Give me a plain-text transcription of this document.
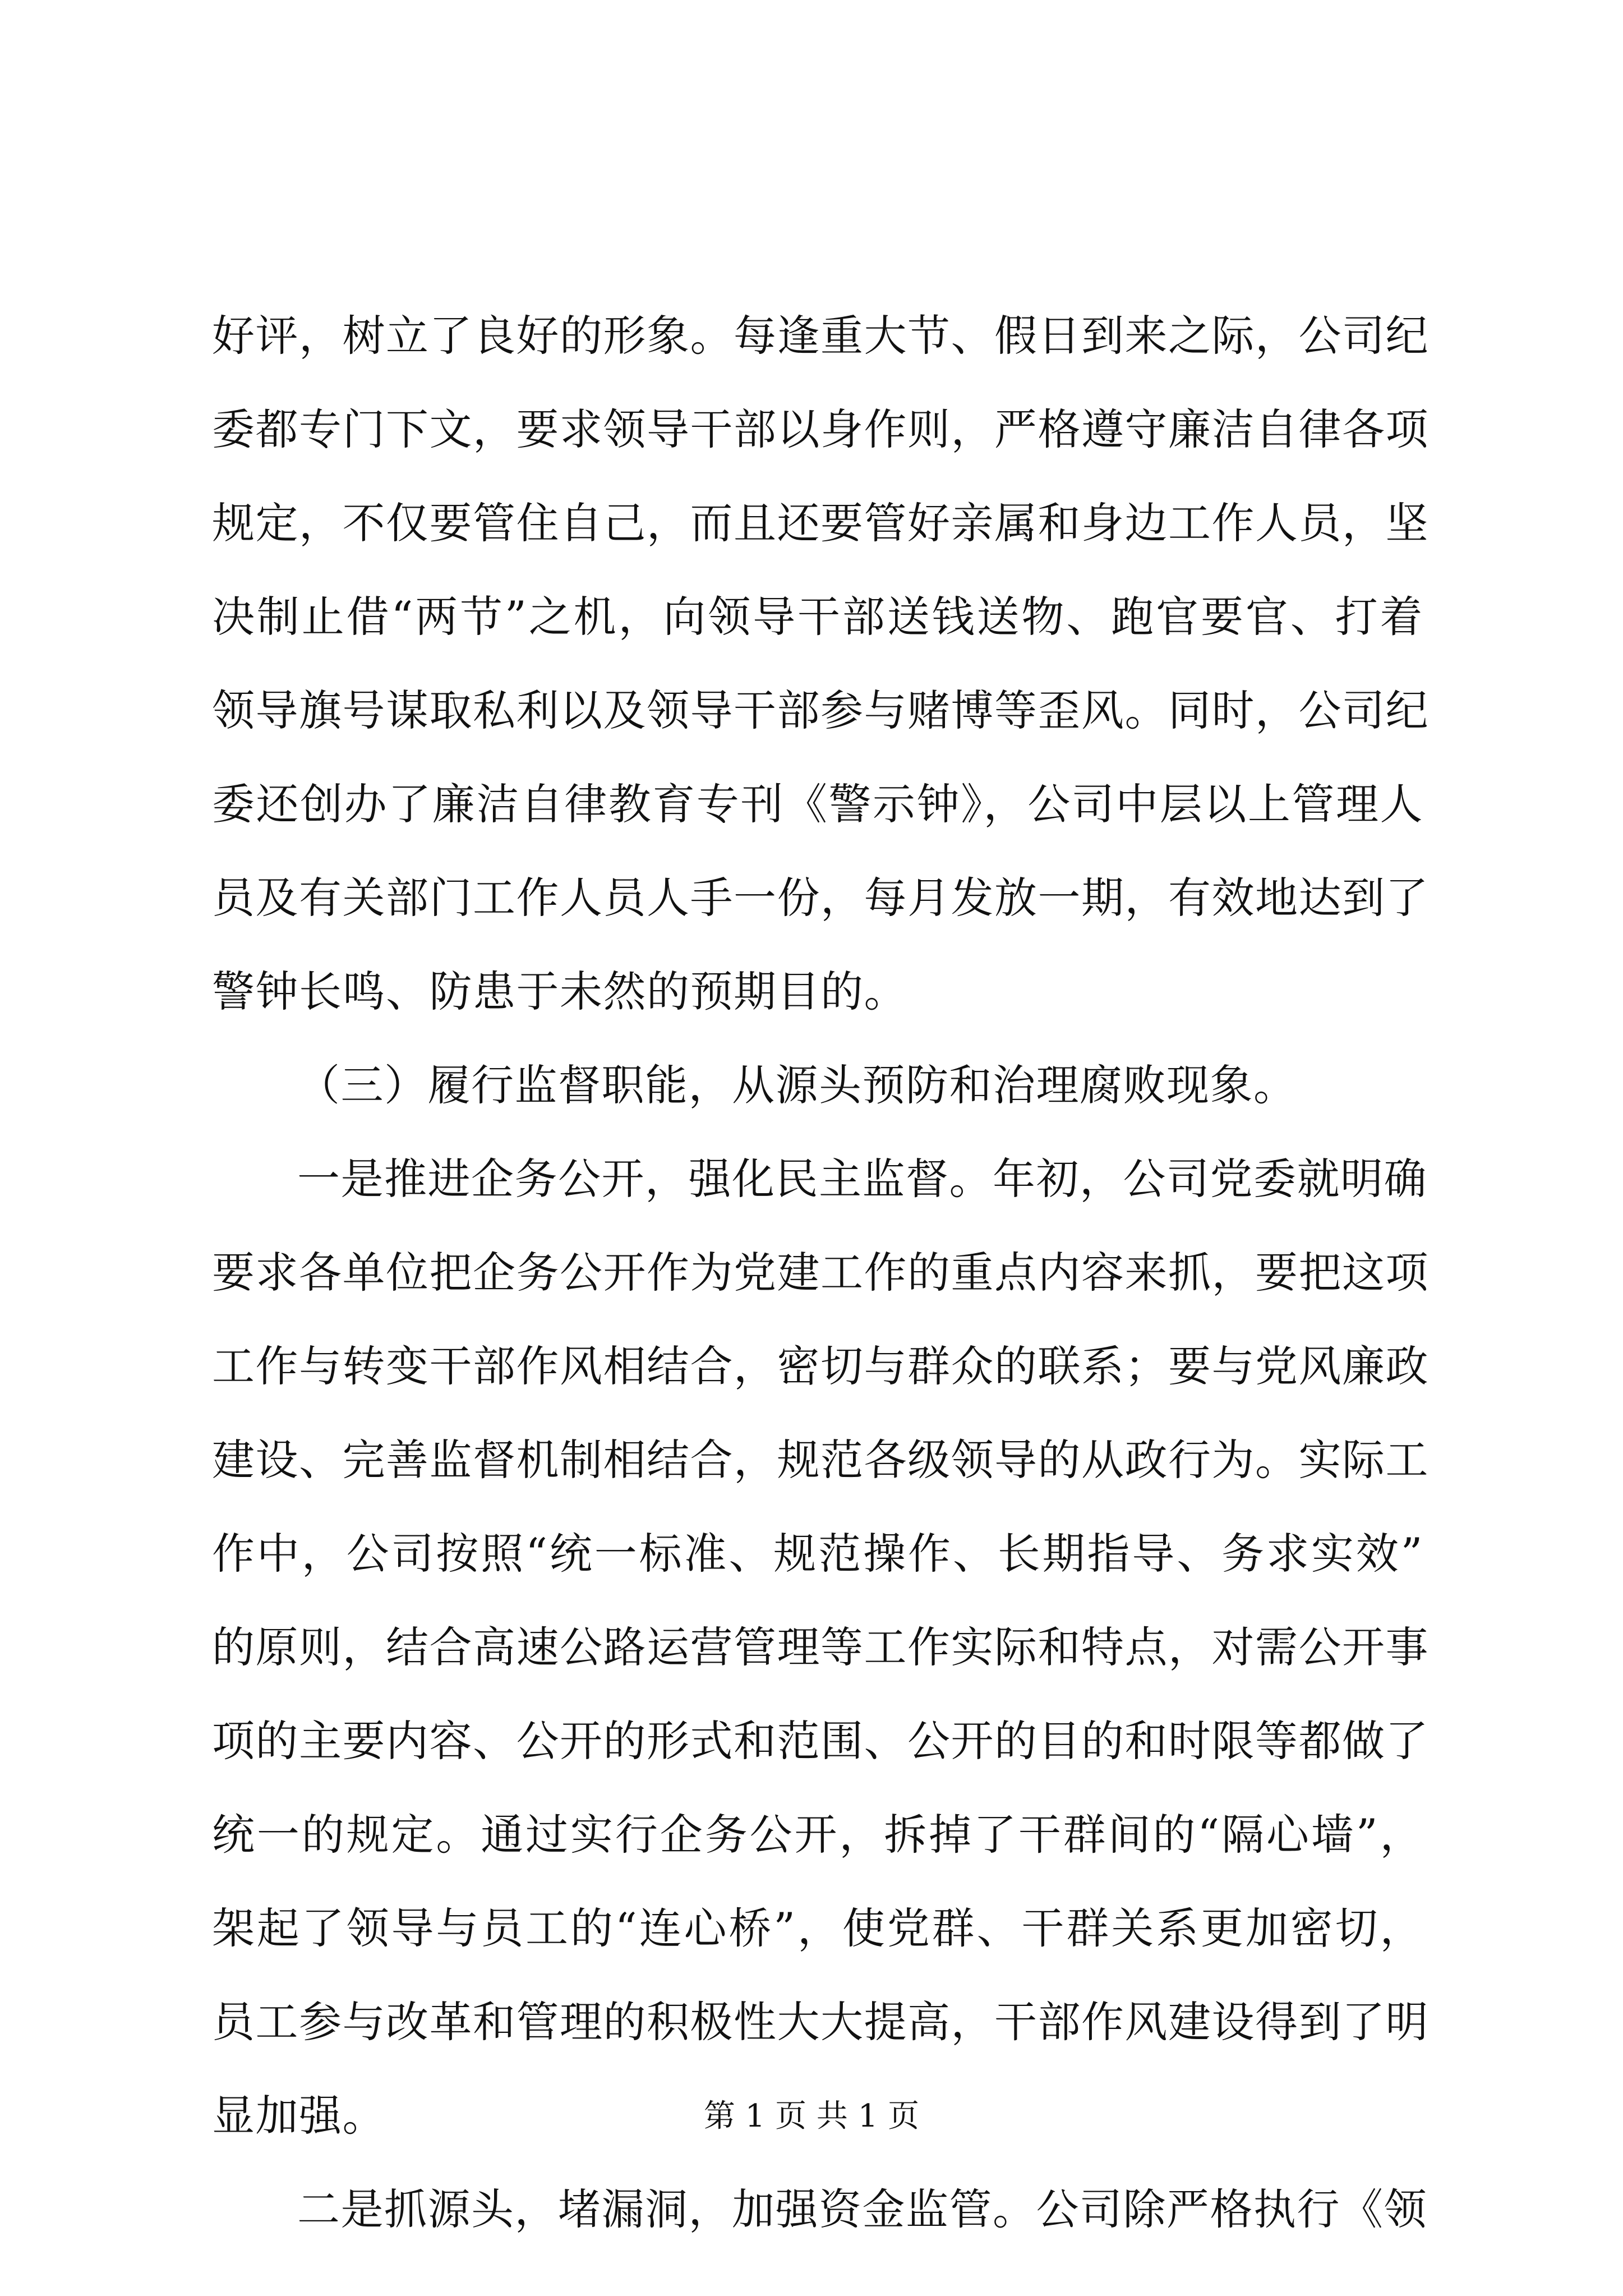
好评，树立了良好的形象。每逢重大节、假日到来之际，公司纪
委都专门下文，要求领导干部以身作则，严格遵守廉洁自律各项
规定，不仅要管住自己，而且还要管好亲属和身边工作人员，坚
决制止借“两节”之机，向领导干部送钱送物、跑官要官、打着
领导旗号谋取私利以及领导干部参与赌博等歪风。同时，公司纪
委还创办了廉洁自律教育专刊《警示钟》，公司中层以上管理人
员及有关部门工作人员人手一份，每月发放一期，有效地达到了
警钟长鸣、防患于未然的预期目的。
（三）履行监督职能，从源头预防和治理腐败现象。
一是推进企务公开，强化民主监督。年初，公司党委就明确
要求各单位把企务公开作为党建工作的重点内容来抓，要把这项
工作与转变干部作风相结合，密切与群众的联系；要与党风廉政
建设、完善监督机制相结合，规范各级领导的从政行为。实际工
作中，公司按照“统一标准、规范操作、长期指导、务求实效”
的原则，结合高速公路运营管理等工作实际和特点，对需公开事
项的主要内容、公开的形式和范围、公开的目的和时限等都做了
统一的规定。通过实行企务公开，拆掉了干群间的“隔心墙”，
架起了领导与员工的“连心桥”，使党群、干群关系更加密切，
员工参与改革和管理的积极性大大提高，干部作风建设得到了明
显加强。
二是抓源头，堵漏洞，加强资金监管。公司除严格执行《领
第 1 页 共 1 页
